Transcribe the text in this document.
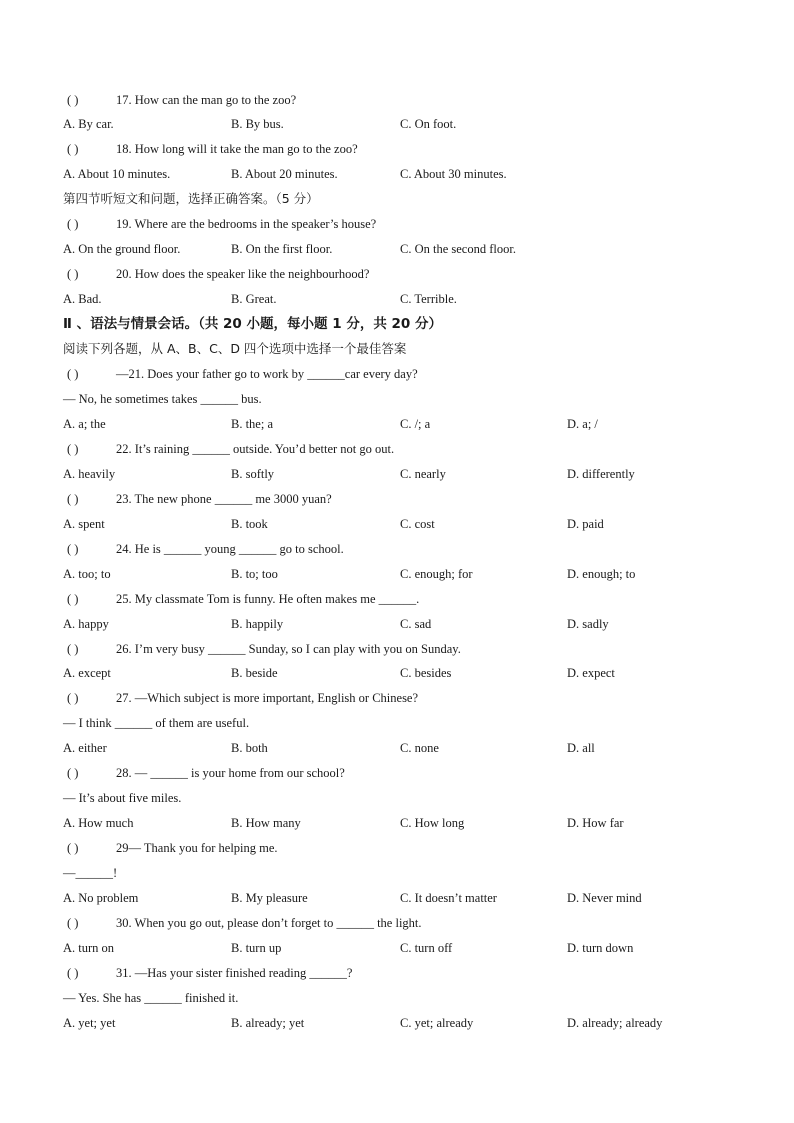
( )	17. How can the man go to the zoo?
A. By car.	B. By bus.	C. On foot.
( )	18. How long will it take the man go to the zoo?
A. About 10 minutes.	B. About 20 minutes.	C. About 30 minutes.
第四节听短文和问题，选择正确答案。（5 分）
( )	19. Where are the bedrooms in the speaker’s house?
A. On the ground floor.	B. On the first floor.	C. On the second floor.
( )	20. How does the speaker like the neighbourhood?
A. Bad.	B. Great.	C. Terrible.
Ⅱ 、语法与情景会话。（共 20 小题，每小题 1 分，共 20 分）
阅读下列各题，从 A、B、C、D 四个选项中选择一个最佳答案
( )	—21. Does your father go to work by ______car every day?
— No, he sometimes takes ______ bus.
A. a; the	B. the; a	C. /; a	D. a; /
( )	22. It’s raining ______ outside. You’d better not go out.
A. heavily	B. softly	C. nearly	D. differently
( )	23. The new phone ______ me 3000 yuan?
A. spent	B. took	C. cost	D. paid
( )	24. He is ______ young ______ go to school.
A. too; to	B. to; too	C. enough; for	D. enough; to
( )	25. My classmate Tom is funny. He often makes me ______.
A. happy	B. happily	C. sad	D. sadly
( )	26. I’m very busy ______ Sunday, so I can play with you on Sunday.
A. except	B. beside	C. besides	D. expect
( )	27. —Which subject is more important, English or Chinese?
— I think ______ of them are useful.
A. either	B. both	C. none	D. all
( )	28. — ______ is your home from our school?
— It’s about five miles.
A. How much	B. How many	C. How long	D. How far
( )	29— Thank you for helping me.
—______!
A. No problem	B. My pleasure	C. It doesn’t matter	D. Never mind
( )	30. When you go out, please don’t forget to ______ the light.
A. turn on	B. turn up	C. turn off	D. turn down
( )	31. —Has your sister finished reading ______?
— Yes. She has ______ finished it.
A. yet; yet	B. already; yet	C. yet; already	D. already; already
